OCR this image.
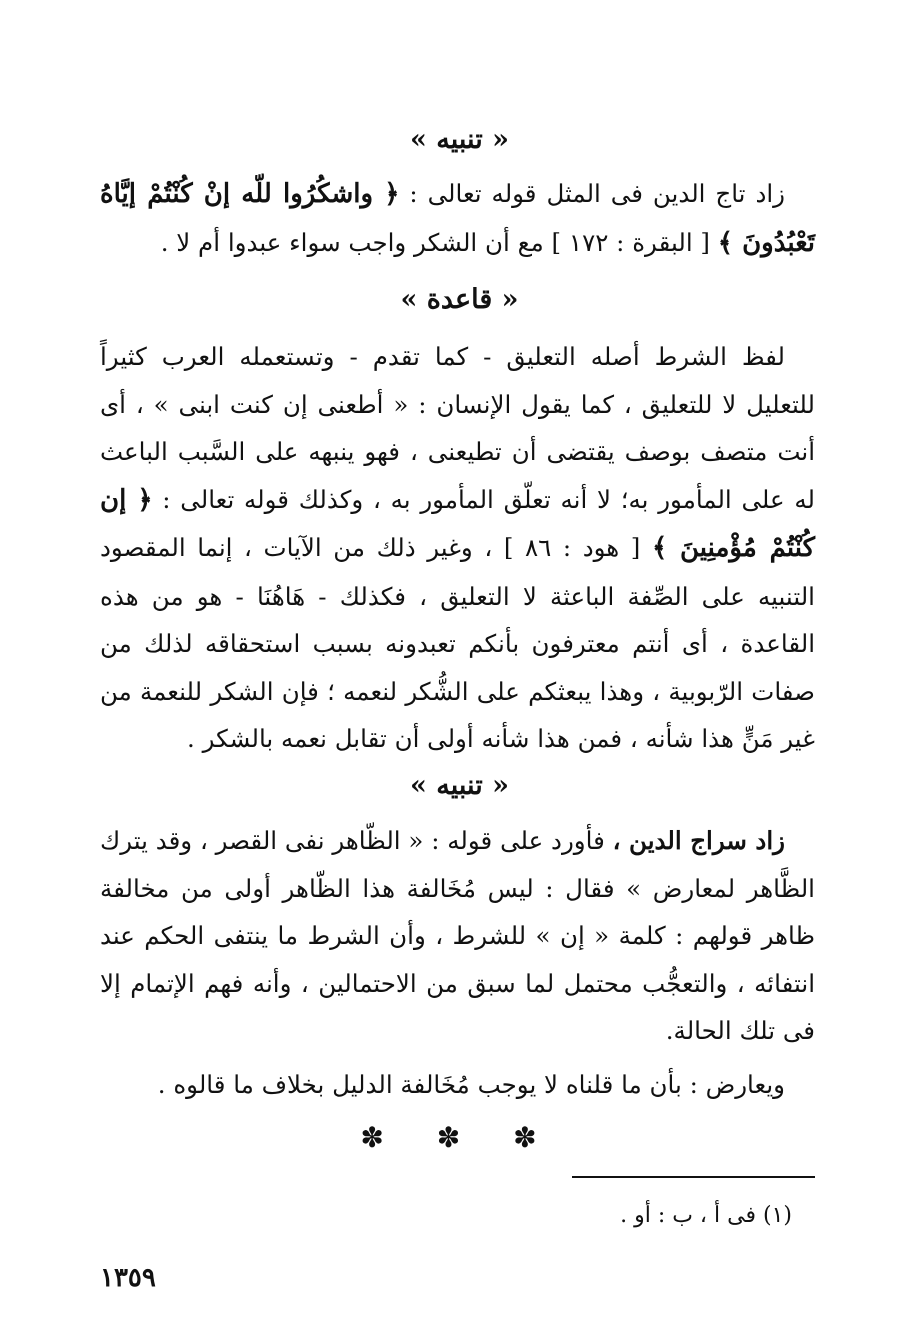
« تنبيه »

زاد تاج الدين فى المثل قوله تعالى : ﴿ واشكُرُوا للّه إنْ كُنْتُمْ إيَّاهُ تَعْبُدُونَ ﴾ [ البقرة : ١٧٢ ] مع أن الشكر واجب سواء عبدوا أم لا .

« قاعدة »

لفظ الشرط أصله التعليق - كما تقدم - وتستعمله العرب كثيراً للتعليل لا للتعليق ، كما يقول الإنسان : « أطعنى إن كنت ابنى » ، أى أنت متصف بوصف يقتضى أن تطيعنى ، فهو ينبهه على السَّبب الباعث له على المأمور به؛ لا أنه تعلّق المأمور به ، وكذلك قوله تعالى : ﴿ إن كُنْتُمْ مُؤْمنِينَ ﴾ [ هود : ٨٦ ] ، وغير ذلك من الآيات ، إنما المقصود التنبيه على الصِّفة الباعثة لا التعليق ، فكذلك - هَاهُنَا - هو من هذه القاعدة ، أى أنتم معترفون بأنكم تعبدونه بسبب استحقاقه لذلك من صفات الرّبوبية ، وهذا يبعثكم على الشُّكر لنعمه ؛ فإن الشكر للنعمة من غير مَنٍّ هذا شأنه ، فمن هذا شأنه أولى أن تقابل نعمه بالشكر .

« تنبيه »

زاد سراج الدين ، فأورد على قوله : « الظّاهر نفى القصر ، وقد يترك الظَّاهر لمعارض » فقال : ليس مُخَالفة هذا الظّاهر أولى من مخالفة ظاهر قولهم : كلمة « إن » للشرط ، وأن الشرط ما ينتفى الحكم عند انتفائه ، والتعجُّب محتمل لما سبق من الاحتمالين ، وأنه فهم الإتمام إلا فى تلك الحالة.

ويعارض : بأن ما قلناه لا يوجب مُخَالفة الدليل بخلاف ما قالوه .

✽ ✽ ✽
(١) فى أ ، ب : أو .
١٣٥٩
